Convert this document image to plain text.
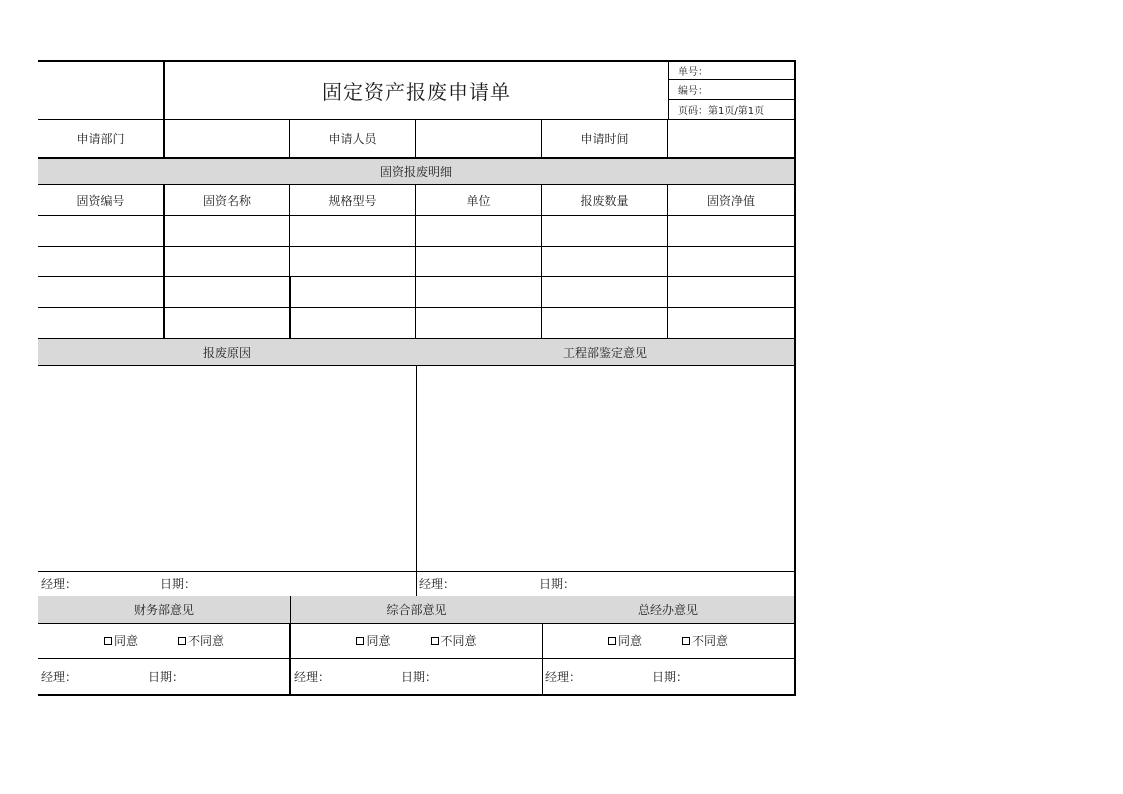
固定资产报废申请单
单号：
编号：
页码：第1页/第1页
申请部门	申请人员	申请时间
固资报废明细
固资编号	固资名称	规格型号	单位	报废数量	固资净值
报废原因	工程部鉴定意见
经理：	日期：	经理：	日期：
财务部意见	综合部意见	总经办意见
同意	不同意	同意	不同意	同意	不同意
经理：	日期：	经理：	日期：	经理：	日期：
